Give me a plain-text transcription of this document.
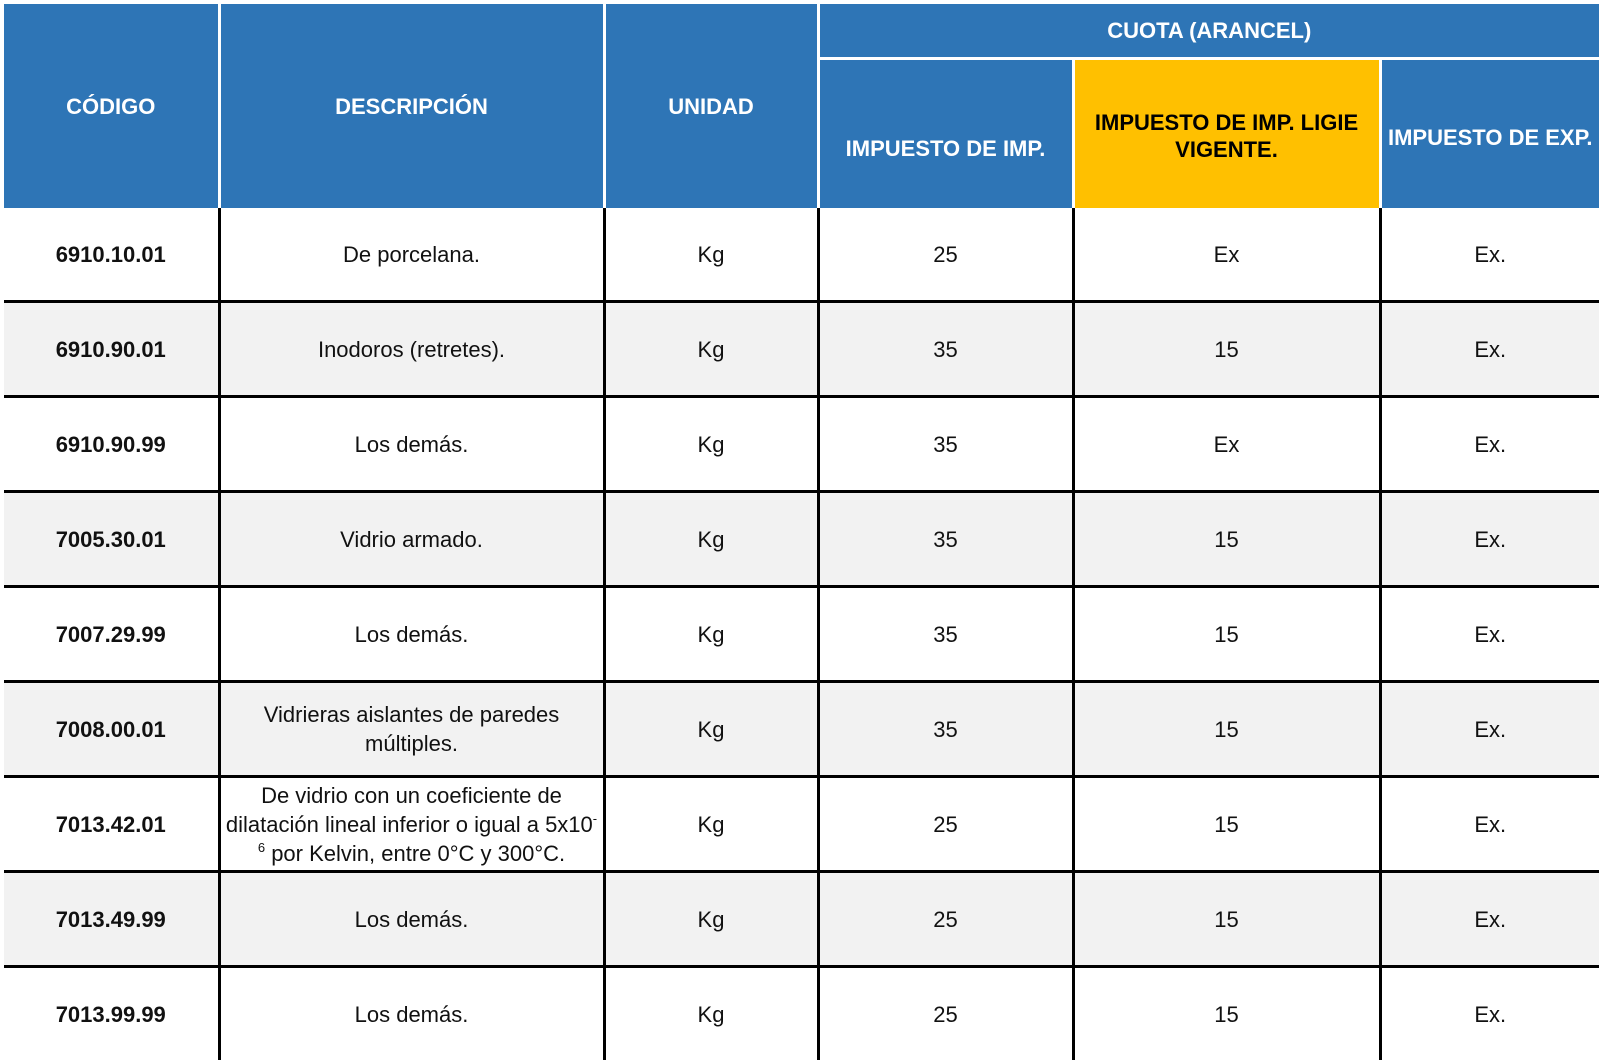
CÓDIGO	DESCRIPCIÓN	UNIDAD	CUOTA (ARANCEL)		
			IMPUESTO DE IMP.	IMPUESTO DE IMP. LIGIE VIGENTE.	IMPUESTO DE EXP.
6910.10.01	De porcelana.	Kg	25	Ex	Ex.
6910.90.01	Inodoros (retretes).	Kg	35	15	Ex.
6910.90.99	Los demás.	Kg	35	Ex	Ex.
7005.30.01	Vidrio armado.	Kg	35	15	Ex.
7007.29.99	Los demás.	Kg	35	15	Ex.
7008.00.01	Vidrieras aislantes de paredes múltiples.	Kg	35	15	Ex.
7013.42.01	De vidrio con un coeficiente de dilatación lineal inferior o igual a $5x10^{-6}$ por Kelvin, entre 0°C y 300°C.	Kg	25	15	Ex.
7013.49.99	Los demás.	Kg	25	15	Ex.
7013.99.99	Los demás.	Kg	25	15	Ex.
